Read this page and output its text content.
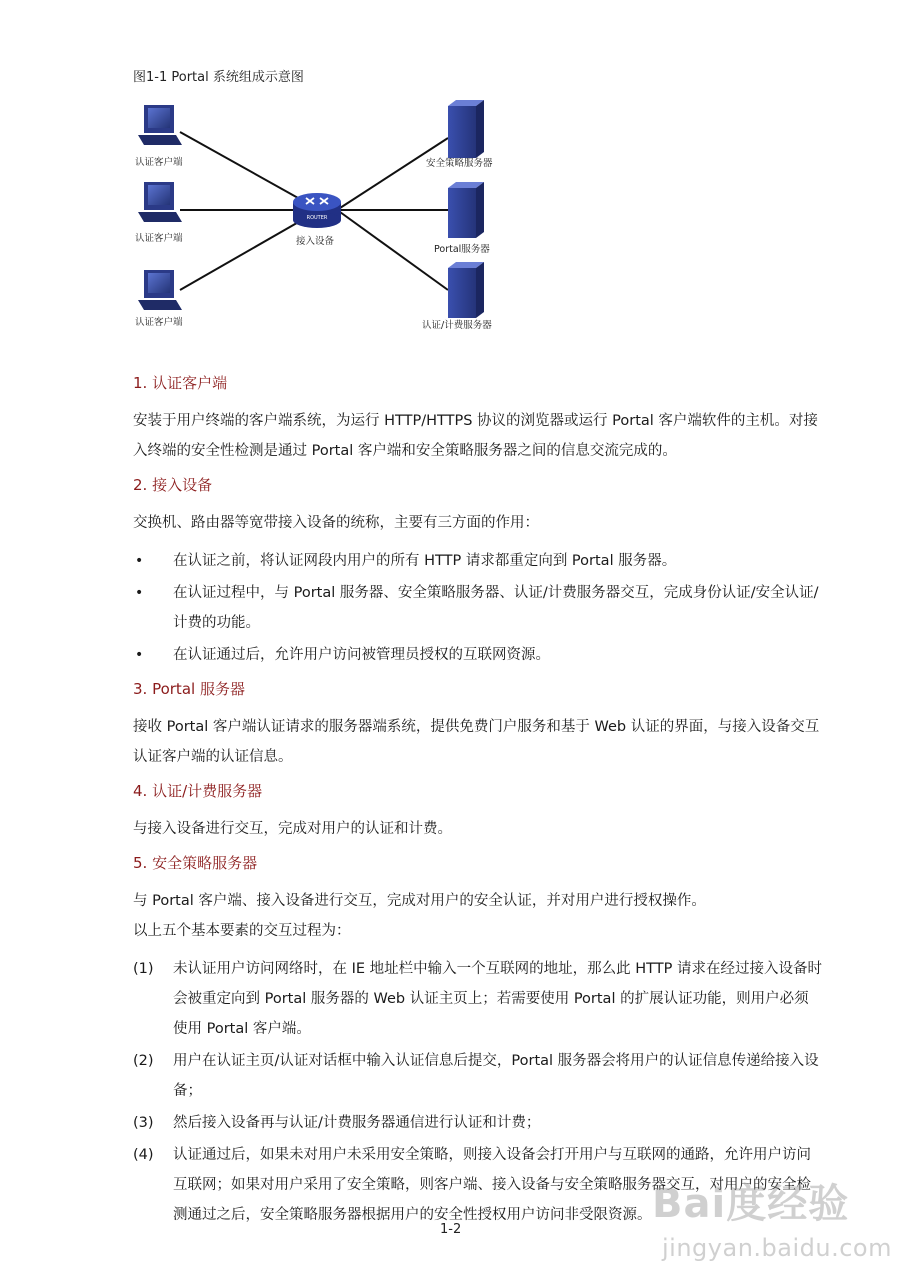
图1-1 Portal 系统组成示意图
认证客户端
认证客户端
认证客户端
ROUTER
接入设备
安全策略服务器
Portal服务器
认证/计费服务器
1. 认证客户端
安装于用户终端的客户端系统，为运行 HTTP/HTTPS 协议的浏览器或运行 Portal 客户端软件的主机。对接入终端的安全性检测是通过 Portal 客户端和安全策略服务器之间的信息交流完成的。
2. 接入设备
交换机、路由器等宽带接入设备的统称，主要有三方面的作用：
• 在认证之前，将认证网段内用户的所有 HTTP 请求都重定向到 Portal 服务器。
• 在认证过程中，与 Portal 服务器、安全策略服务器、认证/计费服务器交互，完成身份认证/安全认证/计费的功能。
• 在认证通过后，允许用户访问被管理员授权的互联网资源。
3. Portal 服务器
接收 Portal 客户端认证请求的服务器端系统，提供免费门户服务和基于 Web 认证的界面，与接入设备交互认证客户端的认证信息。
4. 认证/计费服务器
与接入设备进行交互，完成对用户的认证和计费。
5. 安全策略服务器
与 Portal 客户端、接入设备进行交互，完成对用户的安全认证，并对用户进行授权操作。
以上五个基本要素的交互过程为：
(1) 未认证用户访问网络时，在 IE 地址栏中输入一个互联网的地址，那么此 HTTP 请求在经过接入设备时会被重定向到 Portal 服务器的 Web 认证主页上；若需要使用 Portal 的扩展认证功能，则用户必须使用 Portal 客户端。
(2) 用户在认证主页/认证对话框中输入认证信息后提交，Portal 服务器会将用户的认证信息传递给接入设备；
(3) 然后接入设备再与认证/计费服务器通信进行认证和计费；
(4) 认证通过后，如果未对用户未采用安全策略，则接入设备会打开用户与互联网的通路，允许用户访问互联网；如果对用户采用了安全策略，则客户端、接入设备与安全策略服务器交互，对用户的安全检测通过之后，安全策略服务器根据用户的安全性授权用户访问非受限资源。
1-2
Bai度经验
jingyan.baidu.com
